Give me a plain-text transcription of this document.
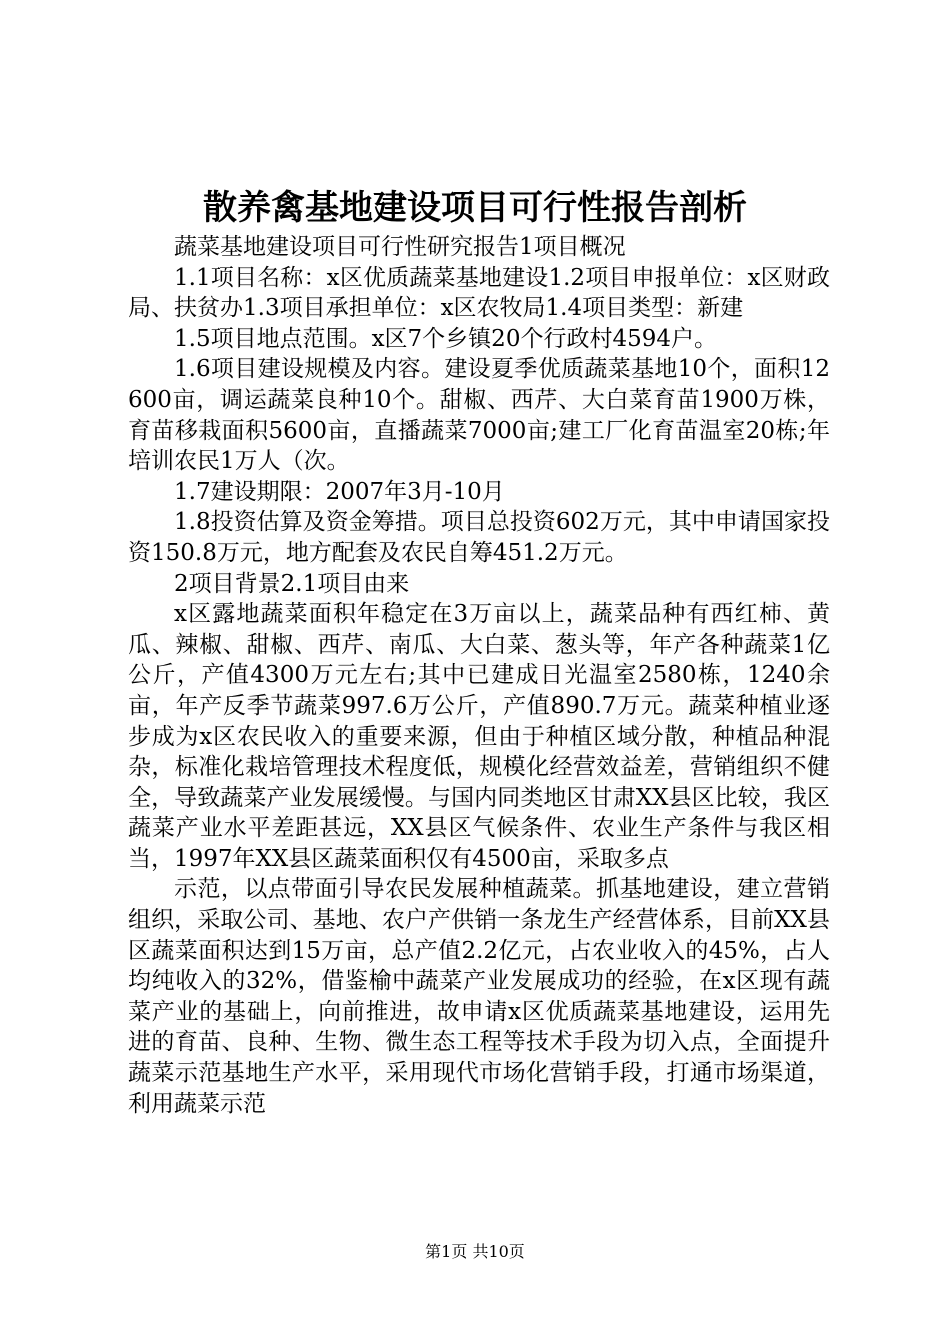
散养禽基地建设项目可行性报告剖析

蔬菜基地建设项目可行性研究报告1项目概况

1.1项目名称：x区优质蔬菜基地建设1.2项目申报单位：x区财政局、扶贫办1.3项目承担单位：x区农牧局1.4项目类型：新建

1.5项目地点范围。x区7个乡镇20个行政村4594户。

1.6项目建设规模及内容。建设夏季优质蔬菜基地10个，面积12600亩，调运蔬菜良种10个。甜椒、西芹、大白菜育苗1900万株，育苗移栽面积5600亩，直播蔬菜7000亩;建工厂化育苗温室20栋;年培训农民1万人（次。

1.7建设期限：2007年3月-10月

1.8投资估算及资金筹措。项目总投资602万元，其中申请国家投资150.8万元，地方配套及农民自筹451.2万元。

2项目背景2.1项目由来

x区露地蔬菜面积年稳定在3万亩以上，蔬菜品种有西红柿、黄瓜、辣椒、甜椒、西芹、南瓜、大白菜、葱头等，年产各种蔬菜1亿公斤，产值4300万元左右;其中已建成日光温室2580栋，1240余亩，年产反季节蔬菜997.6万公斤，产值890.7万元。蔬菜种植业逐步成为x区农民收入的重要来源，但由于种植区域分散，种植品种混杂，标准化栽培管理技术程度低，规模化经营效益差，营销组织不健全，导致蔬菜产业发展缓慢。与国内同类地区甘肃XX县区比较，我区蔬菜产业水平差距甚远，XX县区气候条件、农业生产条件与我区相当，1997年XX县区蔬菜面积仅有4500亩，采取多点

示范，以点带面引导农民发展种植蔬菜。抓基地建设，建立营销组织，采取公司、基地、农户产供销一条龙生产经营体系，目前XX县区蔬菜面积达到15万亩，总产值2.2亿元，占农业收入的45%，占人均纯收入的32%，借鉴榆中蔬菜产业发展成功的经验，在x区现有蔬菜产业的基础上，向前推进，故申请x区优质蔬菜基地建设，运用先进的育苗、良种、生物、微生态工程等技术手段为切入点，全面提升蔬菜示范基地生产水平，采用现代市场化营销手段，打通市场渠道，利用蔬菜示范

第1页 共10页
